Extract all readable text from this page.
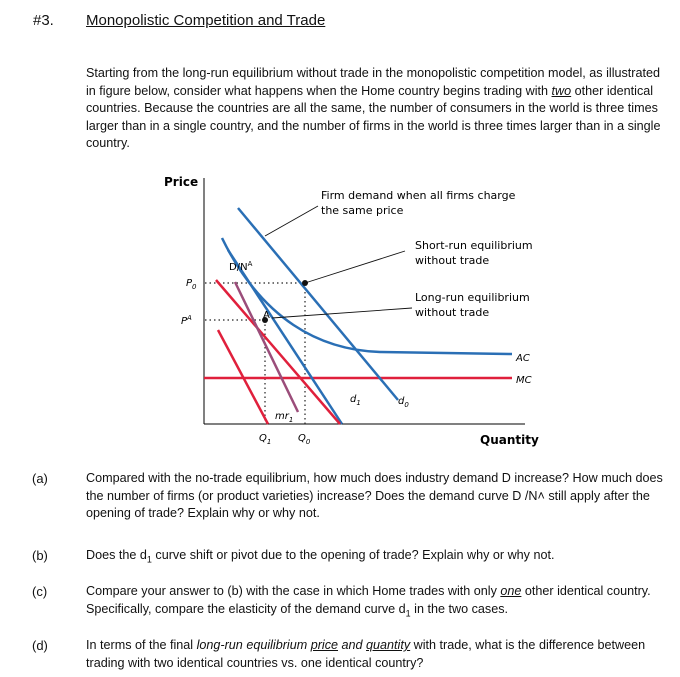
#3. Monopolistic Competition and Trade
Starting from the long-run equilibrium without trade in the monopolistic competition model, as illustrated in figure below, consider what happens when the Home country begins trading with two other identical countries. Because the countries are all the same, the number of consumers in the world is three times larger than in a single country, and the number of firms in the world is three times larger than in a single country.
Price
Quantity
Firm demand when all firms charge
the same price
Short-run equilibrium
without trade
Long-run equilibrium
without trade
$D/N^A$
$P_0$
$P^A$	A
AC
MC
$d_1$	$d_0$
$mr_1$
$Q_1$	$Q_0$
(a)	Compared with the no-trade equilibrium, how much does industry demand D increase? How much does the number of firms (or product varieties) increase? Does the demand curve D /N˄ still apply after the opening of trade? Explain why or why not.
(b)	Does the $d_1$ curve shift or pivot due to the opening of trade? Explain why or why not.
(c)	Compare your answer to (b) with the case in which Home trades with only one other identical country. Specifically, compare the elasticity of the demand curve $d_1$ in the two cases.
(d)	In terms of the final long-run equilibrium price and quantity with trade, what is the difference between trading with two identical countries vs. one identical country?
